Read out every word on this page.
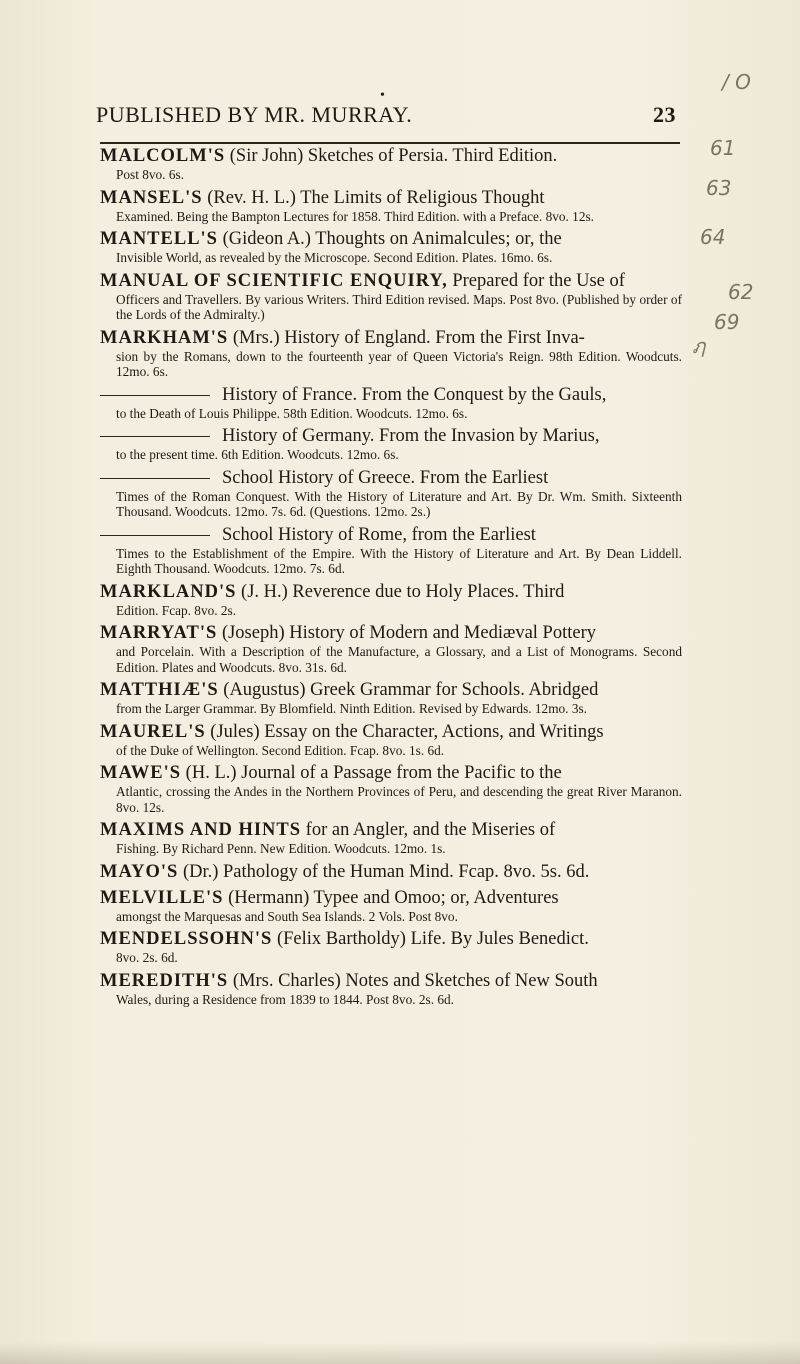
•
PUBLISHED BY MR. MURRAY.	23
/ O
61
63
64
69
62
ฦ
MALCOLM'S (Sir John) Sketches of Persia. Third Edition.
Post 8vo. 6s.
MANSEL'S (Rev. H. L.) The Limits of Religious Thought
Examined. Being the Bampton Lectures for 1858. Third Edition. with a Preface. 8vo. 12s.
MANTELL'S (Gideon A.) Thoughts on Animalcules; or, the
Invisible World, as revealed by the Microscope. Second Edition. Plates. 16mo. 6s.
MANUAL OF SCIENTIFIC ENQUIRY, Prepared for the Use of
Officers and Travellers. By various Writers. Third Edition revised. Maps. Post 8vo. (Published by order of the Lords of the Admiralty.)
MARKHAM'S (Mrs.) History of England. From the First Inva-
sion by the Romans, down to the fourteenth year of Queen Victoria's Reign. 98th Edition. Woodcuts. 12mo. 6s.
History of France. From the Conquest by the Gauls,
to the Death of Louis Philippe. 58th Edition. Woodcuts. 12mo. 6s.
History of Germany. From the Invasion by Marius,
to the present time. 6th Edition. Woodcuts. 12mo. 6s.
School History of Greece. From the Earliest
Times of the Roman Conquest. With the History of Literature and Art. By Dr. Wm. Smith. Sixteenth Thousand. Woodcuts. 12mo. 7s. 6d. (Questions. 12mo. 2s.)
School History of Rome, from the Earliest
Times to the Establishment of the Empire. With the History of Literature and Art. By Dean Liddell. Eighth Thousand. Woodcuts. 12mo. 7s. 6d.
MARKLAND'S (J. H.) Reverence due to Holy Places. Third
Edition. Fcap. 8vo. 2s.
MARRYAT'S (Joseph) History of Modern and Mediæval Pottery
and Porcelain. With a Description of the Manufacture, a Glossary, and a List of Monograms. Second Edition. Plates and Woodcuts. 8vo. 31s. 6d.
MATTHIÆ'S (Augustus) Greek Grammar for Schools. Abridged
from the Larger Grammar. By Blomfield. Ninth Edition. Revised by Edwards. 12mo. 3s.
MAUREL'S (Jules) Essay on the Character, Actions, and Writings
of the Duke of Wellington. Second Edition. Fcap. 8vo. 1s. 6d.
MAWE'S (H. L.) Journal of a Passage from the Pacific to the
Atlantic, crossing the Andes in the Northern Provinces of Peru, and descending the great River Maranon. 8vo. 12s.
MAXIMS AND HINTS for an Angler, and the Miseries of
Fishing. By Richard Penn. New Edition. Woodcuts. 12mo. 1s.
MAYO'S (Dr.) Pathology of the Human Mind. Fcap. 8vo. 5s. 6d.
MELVILLE'S (Hermann) Typee and Omoo; or, Adventures
amongst the Marquesas and South Sea Islands. 2 Vols. Post 8vo.
MENDELSSOHN'S (Felix Bartholdy) Life. By Jules Benedict.
8vo. 2s. 6d.
MEREDITH'S (Mrs. Charles) Notes and Sketches of New South
Wales, during a Residence from 1839 to 1844. Post 8vo. 2s. 6d.
